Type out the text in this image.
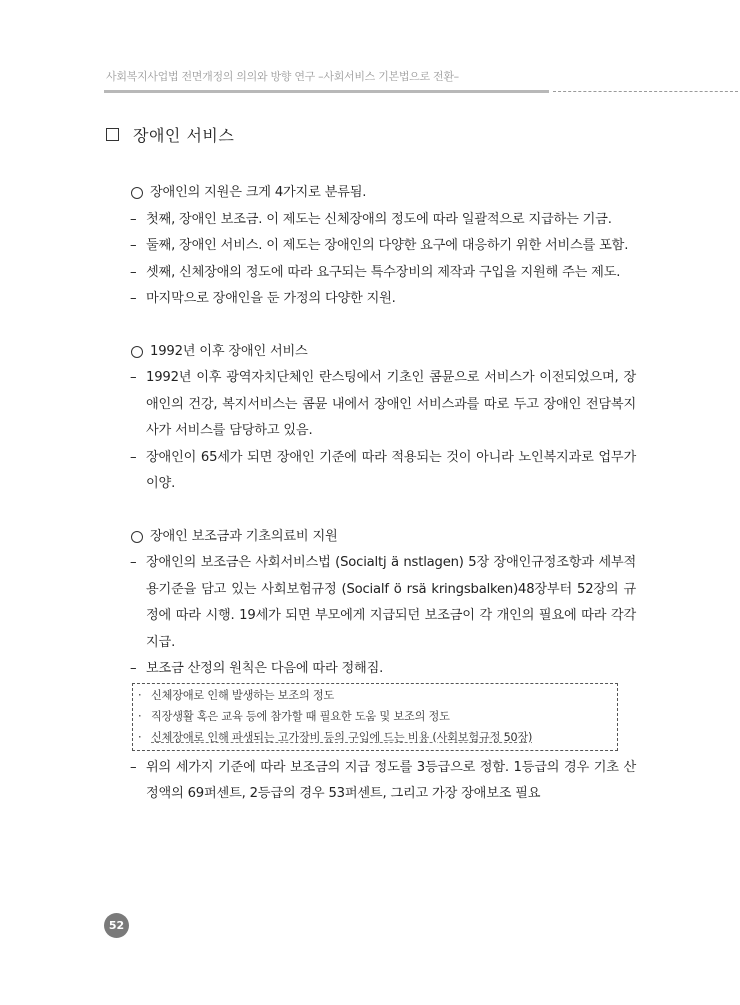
사회복지사업법 전면개정의 의의와 방향 연구 –사회서비스 기본법으로 전환–
장애인 서비스
장애인의 지원은 크게 4가지로 분류됨.
– 첫째, 장애인 보조금. 이 제도는 신체장애의 정도에 따라 일괄적으로 지급하는 기금.
– 둘째, 장애인 서비스. 이 제도는 장애인의 다양한 요구에 대응하기 위한 서비스를 포함.
– 셋째, 신체장애의 정도에 따라 요구되는 특수장비의 제작과 구입을 지원해 주는 제도.
– 마지막으로 장애인을 둔 가정의 다양한 지원.
1992년 이후 장애인 서비스
– 1992년 이후 광역자치단체인 란스팅에서 기초인 콤뮨으로 서비스가 이전되었으며, 장애인의 건강, 복지서비스는 콤뮨 내에서 장애인 서비스과를 따로 두고 장애인 전담복지사가 서비스를 담당하고 있음.
– 장애인이 65세가 되면 장애인 기준에 따라 적용되는 것이 아니라 노인복지과로 업무가 이양.
장애인 보조금과 기초의료비 지원
– 장애인의 보조금은 사회서비스법 (Socialtj ä nstlagen) 5장 장애인규정조항과 세부적용기준을 담고 있는 사회보험규정 (Socialf ö rsä kringsbalken)48장부터 52장의 규정에 따라 시행. 19세가 되면 부모에게 지급되던 보조금이 각 개인의 필요에 따라 각각 지급.
– 보조금 산정의 원칙은 다음에 따라 정해짐.
· 신체장애로 인해 발생하는 보조의 정도
· 직장생활 혹은 교육 등에 참가할 때 필요한 도움 및 보조의 정도
· 신체장애로 인해 파생되는 고가장비 등의 구입에 드는 비용 (사회보험규정 50장)
– 위의 세가지 기준에 따라 보조금의 지급 정도를 3등급으로 정함. 1등급의 경우 기초 산정액의 69퍼센트, 2등급의 경우 53퍼센트, 그리고 가장 장애보조 필요
52
